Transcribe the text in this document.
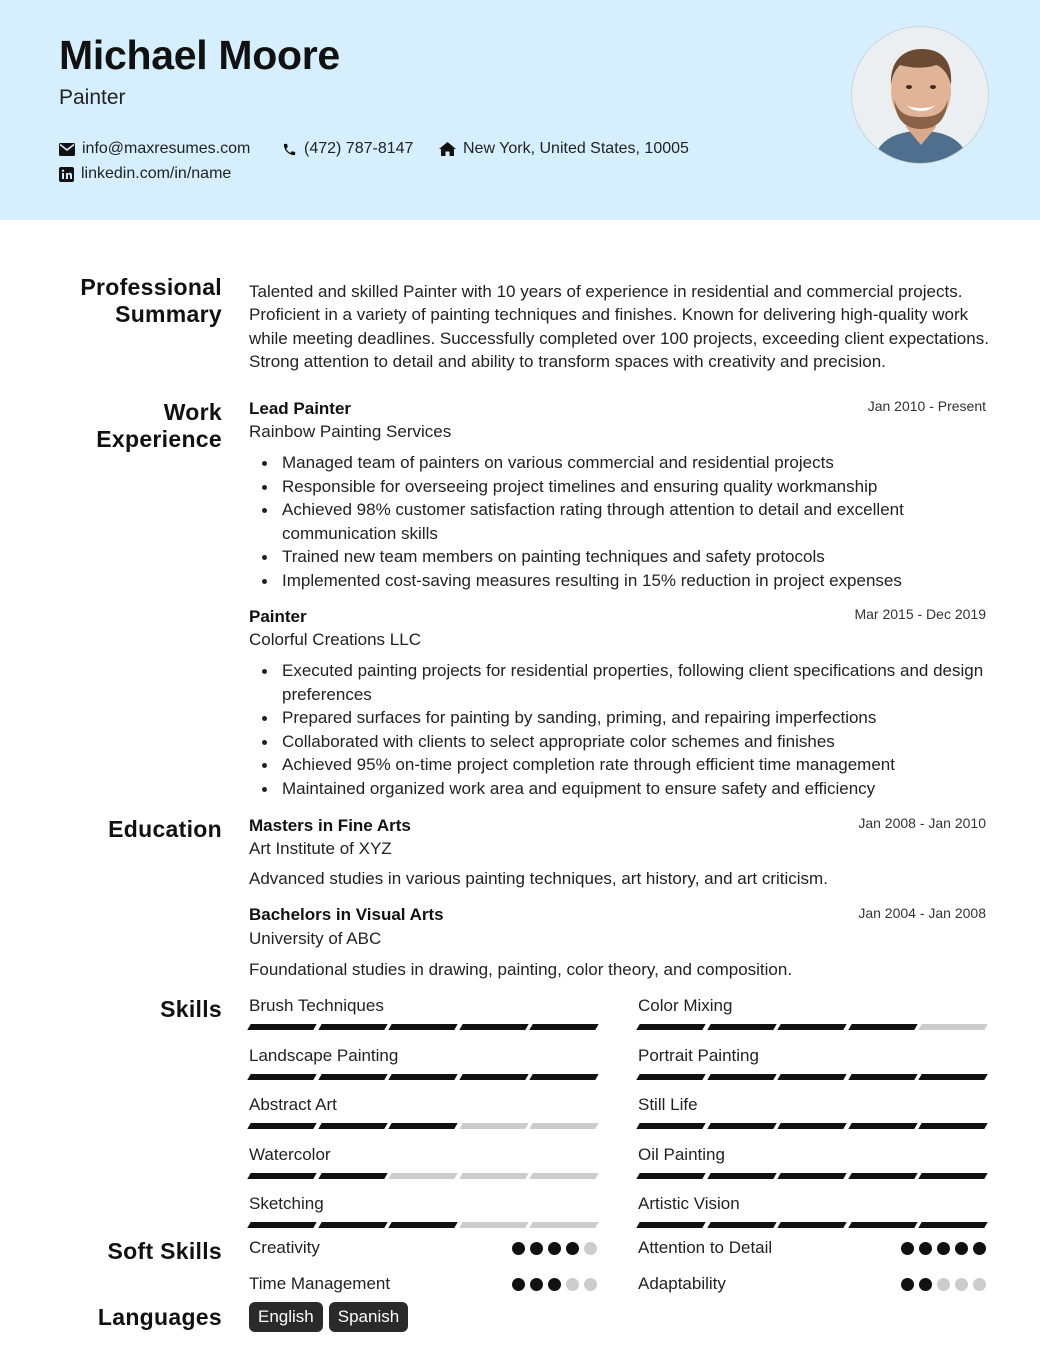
Michael Moore
Painter
info@maxresumes.com	(472) 787-8147	New York, United States, 10005
linkedin.com/in/name
Professional
Summary
Talented and skilled Painter with 10 years of experience in residential and commercial projects. Proficient in a variety of painting techniques and finishes. Known for delivering high-quality work while meeting deadlines. Successfully completed over 100 projects, exceeding client expectations. Strong attention to detail and ability to transform spaces with creativity and precision.
Work
Experience
Lead Painter	Jan 2010 - Present
Rainbow Painting Services
Managed team of painters on various commercial and residential projects
Responsible for overseeing project timelines and ensuring quality workmanship
Achieved 98% customer satisfaction rating through attention to detail and excellent communication skills
Trained new team members on painting techniques and safety protocols
Implemented cost-saving measures resulting in 15% reduction in project expenses
Painter	Mar 2015 - Dec 2019
Colorful Creations LLC
Executed painting projects for residential properties, following client specifications and design preferences
Prepared surfaces for painting by sanding, priming, and repairing imperfections
Collaborated with clients to select appropriate color schemes and finishes
Achieved 95% on-time project completion rate through efficient time management
Maintained organized work area and equipment to ensure safety and efficiency
Education Masters in Fine Arts	Jan 2008 - Jan 2010
Art Institute of XYZ
Advanced studies in various painting techniques, art history, and art criticism.
Bachelors in Visual Arts	Jan 2004 - Jan 2008
University of ABC
Foundational studies in drawing, painting, color theory, and composition.
Skills Brush Techniques	Color Mixing
Landscape Painting	Portrait Painting
Abstract Art	Still Life
Watercolor	Oil Painting
Sketching	Artistic Vision
Soft Skills Creativity	Attention to Detail
Time Management	Adaptability
Languages	English	Spanish
